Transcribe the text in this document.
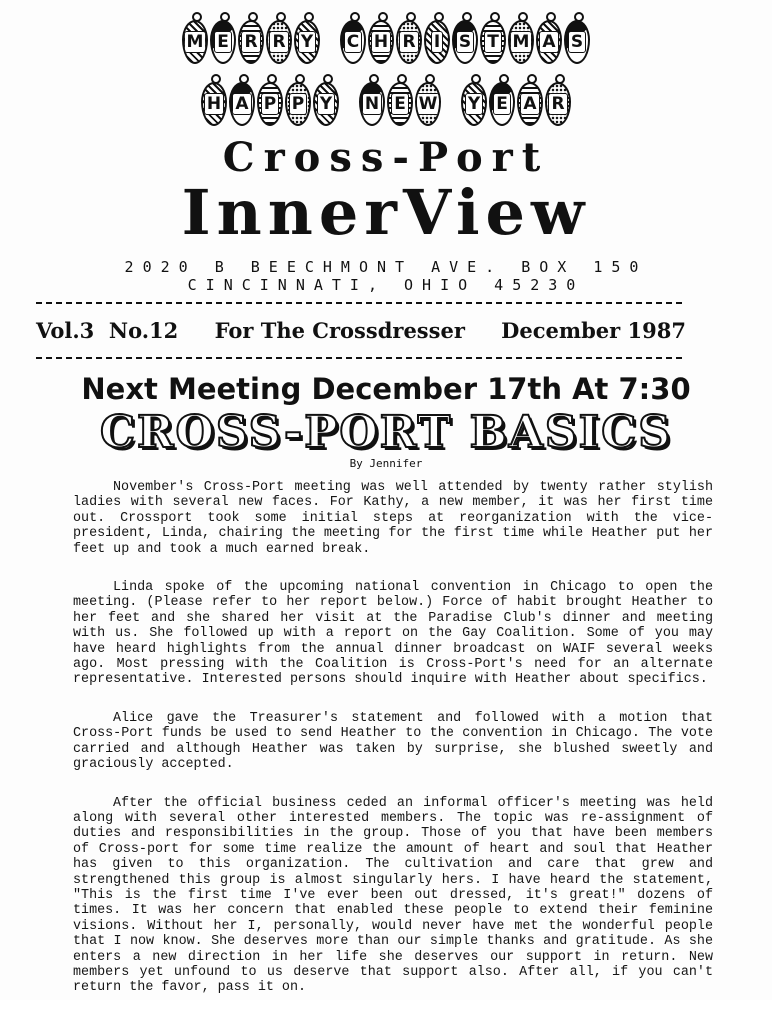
M E R R Y C H R I S T M A S
H A P P Y N E W Y E A R
Cross-Port
InnerView
2020 B BEECHMONT AVE. BOX 150
CINCINNATI, OHIO 45230
Vol.3 No.12 For The Crossdresser December 1987
Next Meeting December 17th At 7:30
CROSS-PORT BASICS
By Jennifer

November's Cross-Port meeting was well attended by twenty rather stylish ladies with several new faces. For Kathy, a new member, it was her first time out. Crossport took some initial steps at reorganization with the vice-president, Linda, chairing the meeting for the first time while Heather put her feet up and took a much earned break.

Linda spoke of the upcoming national convention in Chicago to open the meeting. (Please refer to her report below.) Force of habit brought Heather to her feet and she shared her visit at the Paradise Club's dinner and meeting with us. She followed up with a report on the Gay Coalition. Some of you may have heard highlights from the annual dinner broadcast on WAIF several weeks ago. Most pressing with the Coalition is Cross-Port's need for an alternate representative. Interested persons should inquire with Heather about specifics.

Alice gave the Treasurer's statement and followed with a motion that Cross-Port funds be used to send Heather to the convention in Chicago. The vote carried and although Heather was taken by surprise, she blushed sweetly and graciously accepted.

After the official business ceded an informal officer's meeting was held along with several other interested members. The topic was re-assignment of duties and responsibilities in the group. Those of you that have been members of Cross-port for some time realize the amount of heart and soul that Heather has given to this organization. The cultivation and care that grew and strengthened this group is almost singularly hers. I have heard the statement, "This is the first time I've ever been out dressed, it's great!" dozens of times. It was her concern that enabled these people to extend their feminine visions. Without her I, personally, would never have met the wonderful people that I now know. She deserves more than our simple thanks and gratitude. As she enters a new direction in her life she deserves our support in return. New members yet unfound to us deserve that support also. After all, if you can't return the favor, pass it on.
